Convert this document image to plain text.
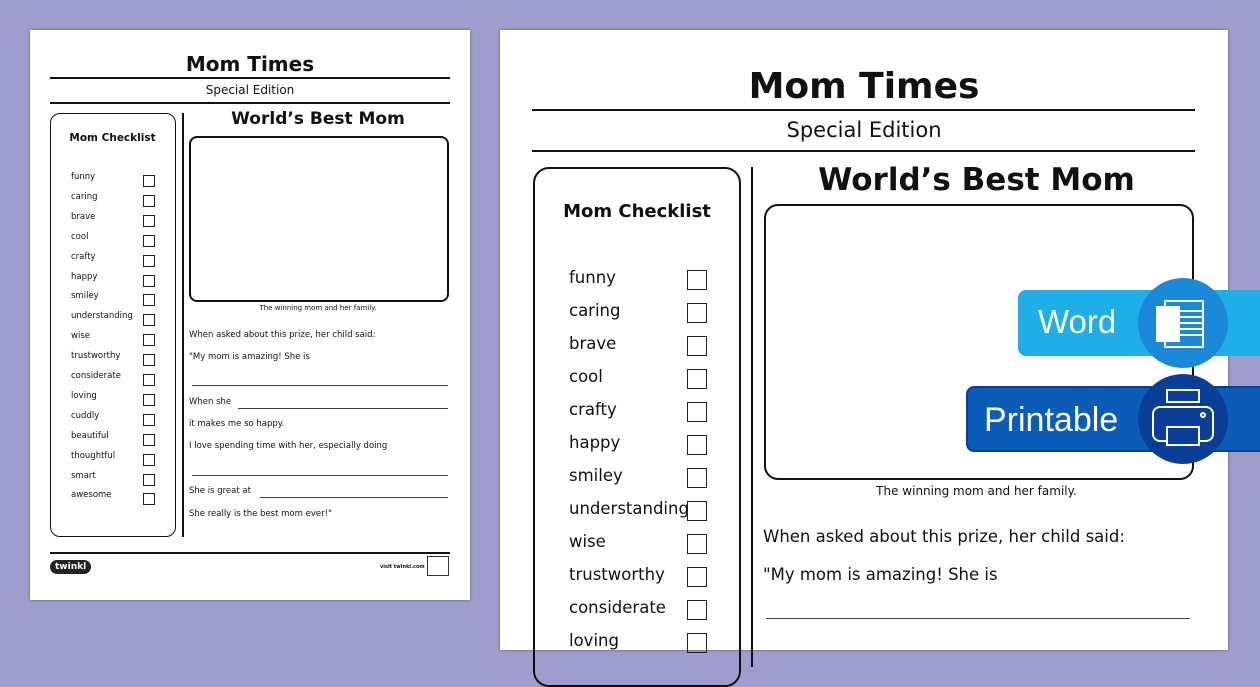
Mom Times
Special Edition
Mom Checklist
funny
caring
brave
cool
crafty
happy
smiley
understanding
wise
trustworthy
considerate
loving
cuddly
beautiful
thoughtful
smart
awesome
World’s Best Mom
The winning mom and her family.
When asked about this prize, her child said:
"My mom is amazing! She is
When she
it makes me so happy.
I love spending time with her, especially doing
She is great at
She really is the best mom ever!"
twinkl	visit twinkl.com
Mom Times
Special Edition
Mom Checklist
funny
caring
brave
cool
crafty
happy
smiley
understanding
wise
trustworthy
considerate
loving
World’s Best Mom
The winning mom and her family.
When asked about this prize, her child said:
"My mom is amazing! She is
Word
Printable
